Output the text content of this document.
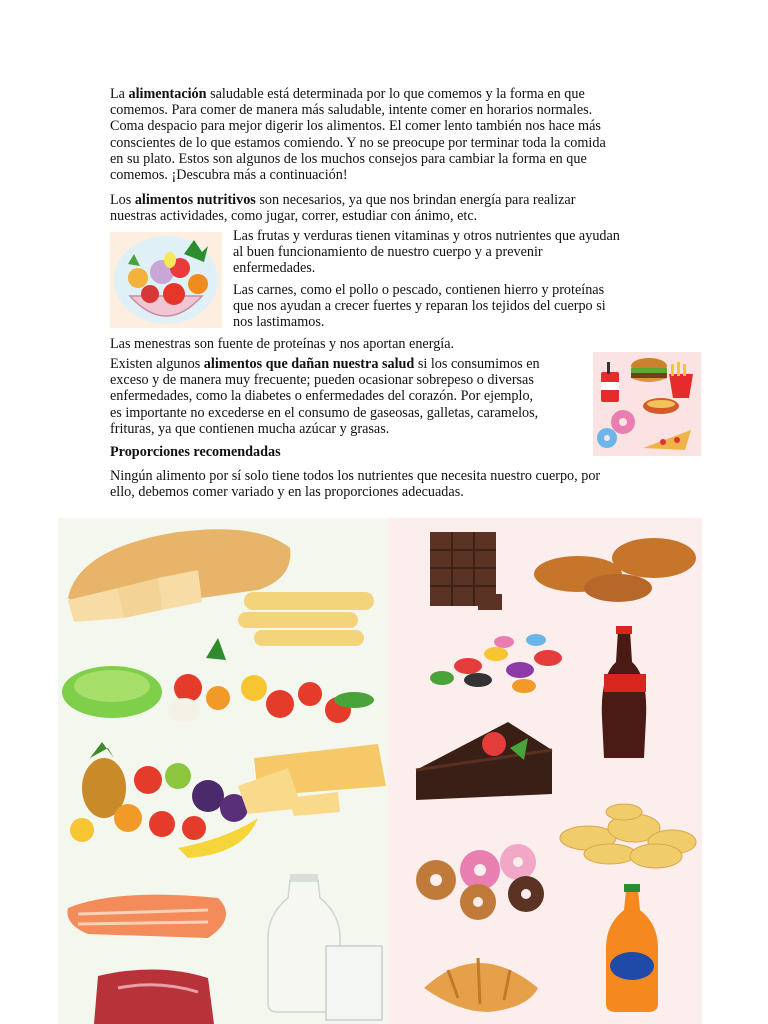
La alimentación saludable está determinada por lo que comemos y la forma en que
comemos. Para comer de manera más saludable, intente comer en horarios normales.
Coma despacio para mejor digerir los alimentos. El comer lento también nos hace más
conscientes de lo que estamos comiendo. Y no se preocupe por terminar toda la comida
en su plato. Estos son algunos de los muchos consejos para cambiar la forma en que
comemos. ¡Descubra más a continuación!

Los alimentos nutritivos son necesarios, ya que nos brindan energía para realizar
nuestras actividades, como jugar, correr, estudiar con ánimo, etc.

Las frutas y verduras tienen vitaminas y otros nutrientes que ayudan
al buen funcionamiento de nuestro cuerpo y a prevenir
enfermedades.

Las carnes, como el pollo o pescado, contienen hierro y proteínas
que nos ayudan a crecer fuertes y reparan los tejidos del cuerpo si
nos lastimamos.

Las menestras son fuente de proteínas y nos aportan energía.

Existen algunos alimentos que dañan nuestra salud si los consumimos en
exceso y de manera muy frecuente; pueden ocasionar sobrepeso o diversas
enfermedades, como la diabetes o enfermedades del corazón. Por ejemplo,
es importante no excederse en el consumo de gaseosas, galletas, caramelos,
frituras, ya que contienen mucha azúcar y grasas.

Proporciones recomendadas

Ningún alimento por sí solo tiene todos los nutrientes que necesita nuestro cuerpo, por
ello, debemos comer variado y en las proporciones adecuadas.
